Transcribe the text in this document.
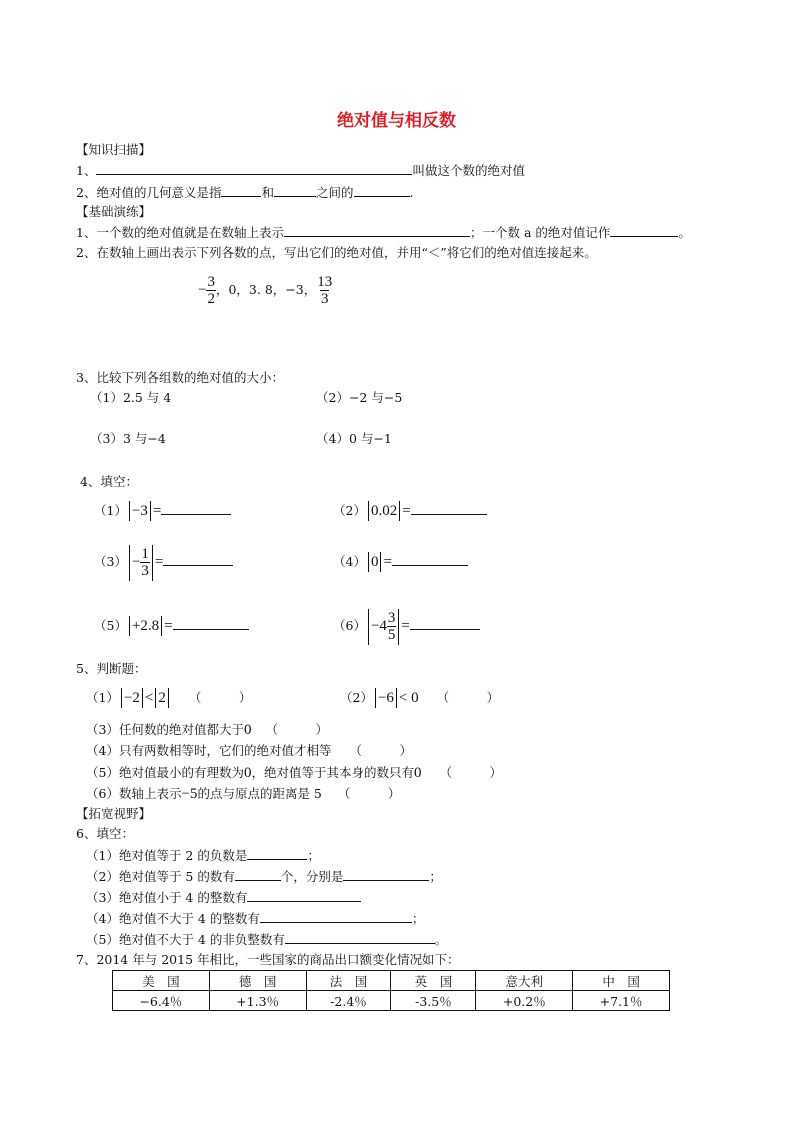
绝对值与相反数
【知识扫描】
1、	叫做这个数的绝对值
2、绝对值的几何意义是指	和	之间的	.
【基础演练】
1、一个数的绝对值就是在数轴上表示	；一个数 a 的绝对值记作	。
2、在数轴上画出表示下列各数的点，写出它们的绝对值，并用“＜”将它们的绝对值连接起来。
− $\frac{3}{2}$ ，0，3. 8，−3， $\frac{13}{3}$
3、比较下列各组数的绝对值的大小：
（1）2.5 与 4	（2）−2 与−5
（3）3 与−4	（4）0 与−1
4、填空：
（1） −3 =	（2） 0.02 =
$(3) - \frac{1}{3}$ =	（4） 0 =
（5） +2.8 =	$(6) -4 \frac{3}{5}$ =
5、判断题：
（1） −2 < 2 （　　　）	（2） −6 < 0 （　　　）
（3）任何数的绝对值都大于0 （　　　）
（4）只有两数相等时，它们的绝对值才相等 （　　　）
（5）绝对值最小的有理数为0，绝对值等于其本身的数只有0 （　　　）
（6）数轴上表示−5的点与原点的距离是 5 （　　　）
【拓宽视野】
6、填空：
（1）绝对值等于 2 的负数是	；
（2）绝对值等于 5 的数有	个，分别是	；
（3）绝对值小于 4 的整数有
（4）绝对值不大于 4 的整数有	；
（5）绝对值不大于 4 的非负整数有	。
7、2014 年与 2015 年相比，一些国家的商品出口额变化情况如下：
美　国	德　国	法　国	英　国	意大利	中　国
−6.4％	+1.3％	-2.4％	-3.5％	+0.2％	+7.1％
